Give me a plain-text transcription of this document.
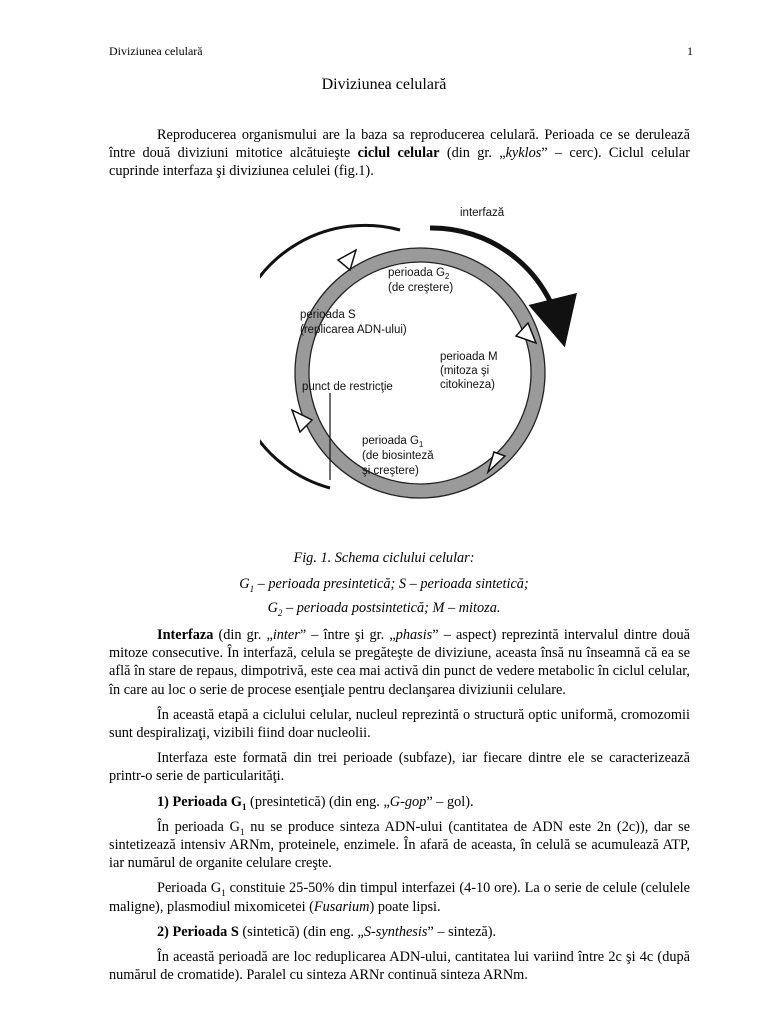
Diviziunea celulară	1
Diviziunea celulară

Reproducerea organismului are la baza sa reproducerea celulară. Perioada ce se derulează între două diviziuni mitotice alcătuieşte ciclul celular (din gr. „kyklos” – cerc). Ciclul celular cuprinde interfaza şi diviziunea celulei (fig.1).

interfază
perioada $G_2$
(de creştere)
perioada S
(replicarea ADN-ului)
perioada M
(mitoza şi
citokineza)
punct de restricţie
perioada $G_1$
(de biosinteză
şi creştere)
Fig. 1. Schema ciclului celular:
$G_1$ – perioada presintetică; S – perioada sintetică;
$G_2$ – perioada postsintetică; M – mitoza.

Interfaza (din gr. „inter” – între şi gr. „phasis” – aspect) reprezintă intervalul dintre două mitoze consecutive. În interfază, celula se pregăteşte de diviziune, aceasta însă nu înseamnă că ea se află în stare de repaus, dimpotrivă, este cea mai activă din punct de vedere metabolic în ciclul celular, în care au loc o serie de procese esenţiale pentru declanşarea diviziunii celulare.

În această etapă a ciclului celular, nucleul reprezintă o structură optic uniformă, cromozomii sunt despiralizaţi, vizibili fiind doar nucleolii.

Interfaza este formată din trei perioade (subfaze), iar fiecare dintre ele se caracterizează printr-o serie de particularităţi.

1) Perioada $G_1$ (presintetică) (din eng. „G-gop” – gol).

În perioada $G_1$ nu se produce sinteza ADN-ului (cantitatea de ADN este 2n (2c)), dar se sintetizează intensiv ARNm, proteinele, enzimele. În afară de aceasta, în celulă se acumulează ATP, iar numărul de organite celulare creşte.

Perioada $G_1$ constituie 25-50% din timpul interfazei (4-10 ore). La o serie de celule (celulele maligne), plasmodiul mixomicetei (Fusarium) poate lipsi.

2) Perioada S (sintetică) (din eng. „S-synthesis” – sinteză).

În această perioadă are loc reduplicarea ADN-ului, cantitatea lui variind între 2c şi 4c (după numărul de cromatide). Paralel cu sinteza ARNr continuă sinteza ARNm.
